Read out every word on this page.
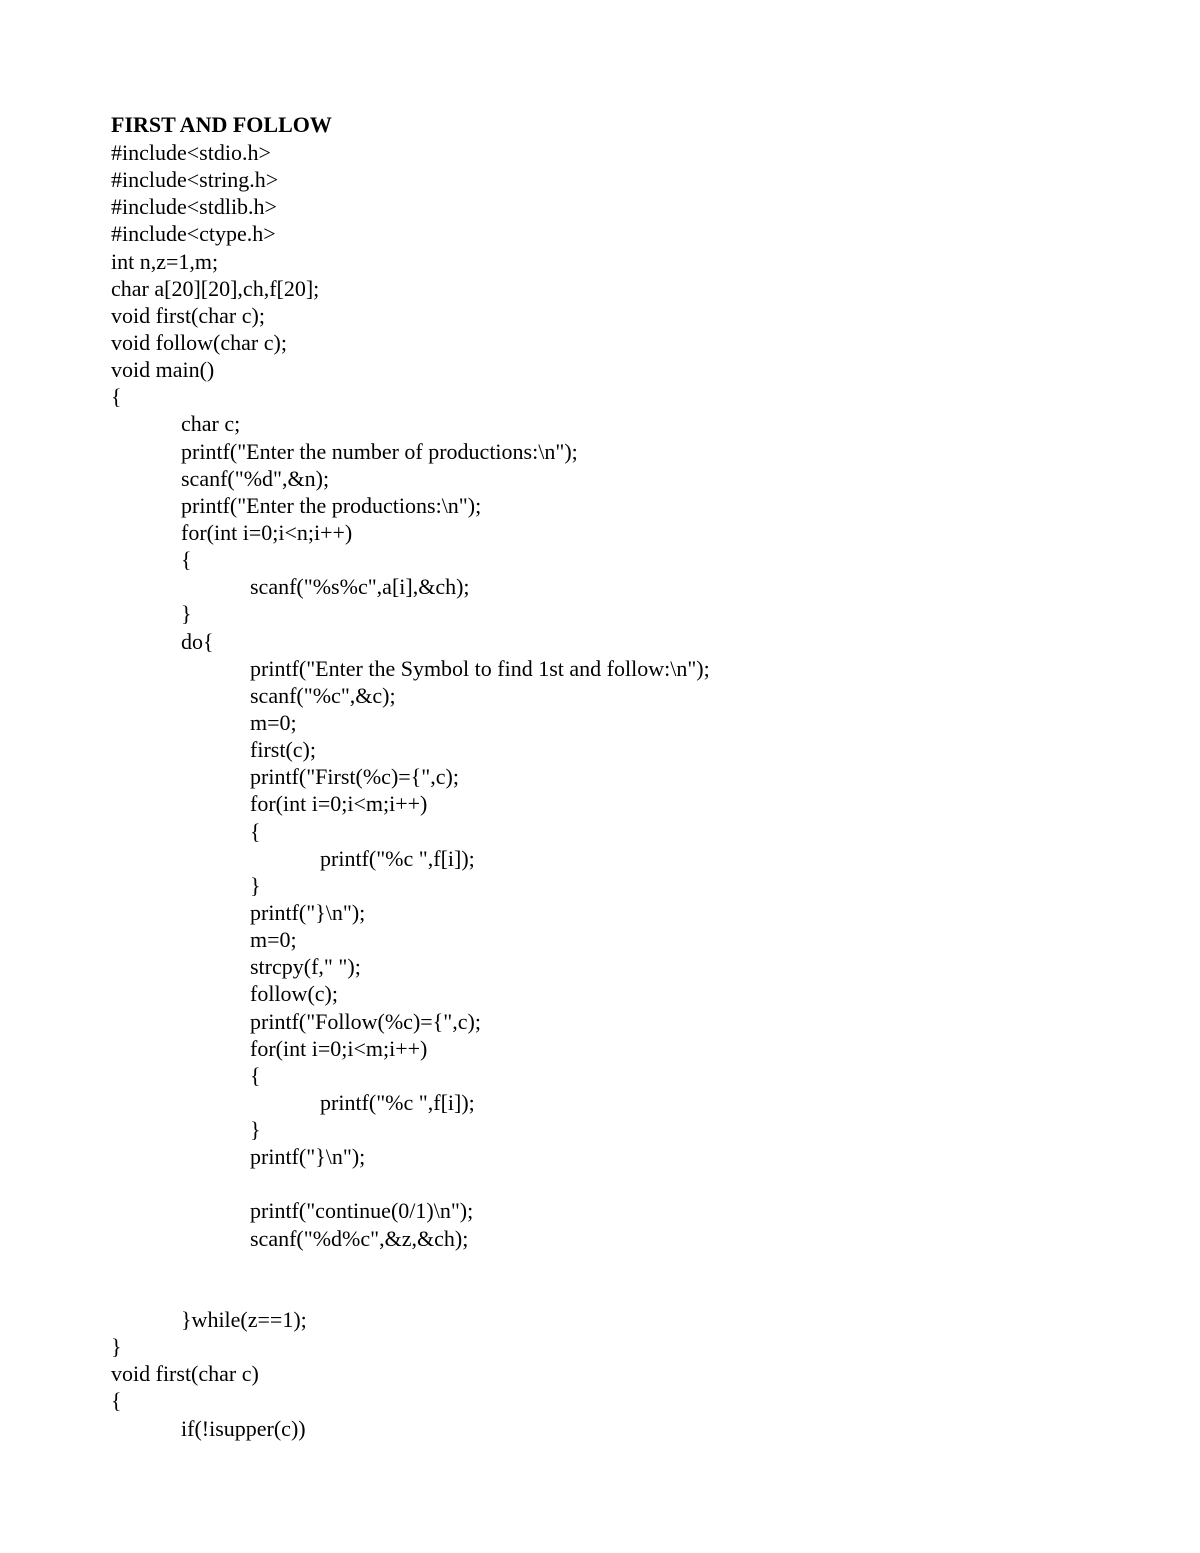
FIRST AND FOLLOW
#include<stdio.h>
#include<string.h>
#include<stdlib.h>
#include<ctype.h>
int n,z=1,m;
char a[20][20],ch,f[20];
void first(char c);
void follow(char c);
void main()
{
char c;
printf("Enter the number of productions:\n");
scanf("%d",&n);
printf("Enter the productions:\n");
for(int i=0;i<n;i++)
{
scanf("%s%c",a[i],&ch);
}
do{
printf("Enter the Symbol to find 1st and follow:\n");
scanf("%c",&c);
m=0;
first(c);
printf("First(%c)={",c);
for(int i=0;i<m;i++)
{
printf("%c ",f[i]);
}
printf("}\n");
m=0;
strcpy(f," ");
follow(c);
printf("Follow(%c)={",c);
for(int i=0;i<m;i++)
{
printf("%c ",f[i]);
}
printf("}\n");
printf("continue(0/1)\n");
scanf("%d%c",&z,&ch);
}while(z==1);
}
void first(char c)
{
if(!isupper(c))
